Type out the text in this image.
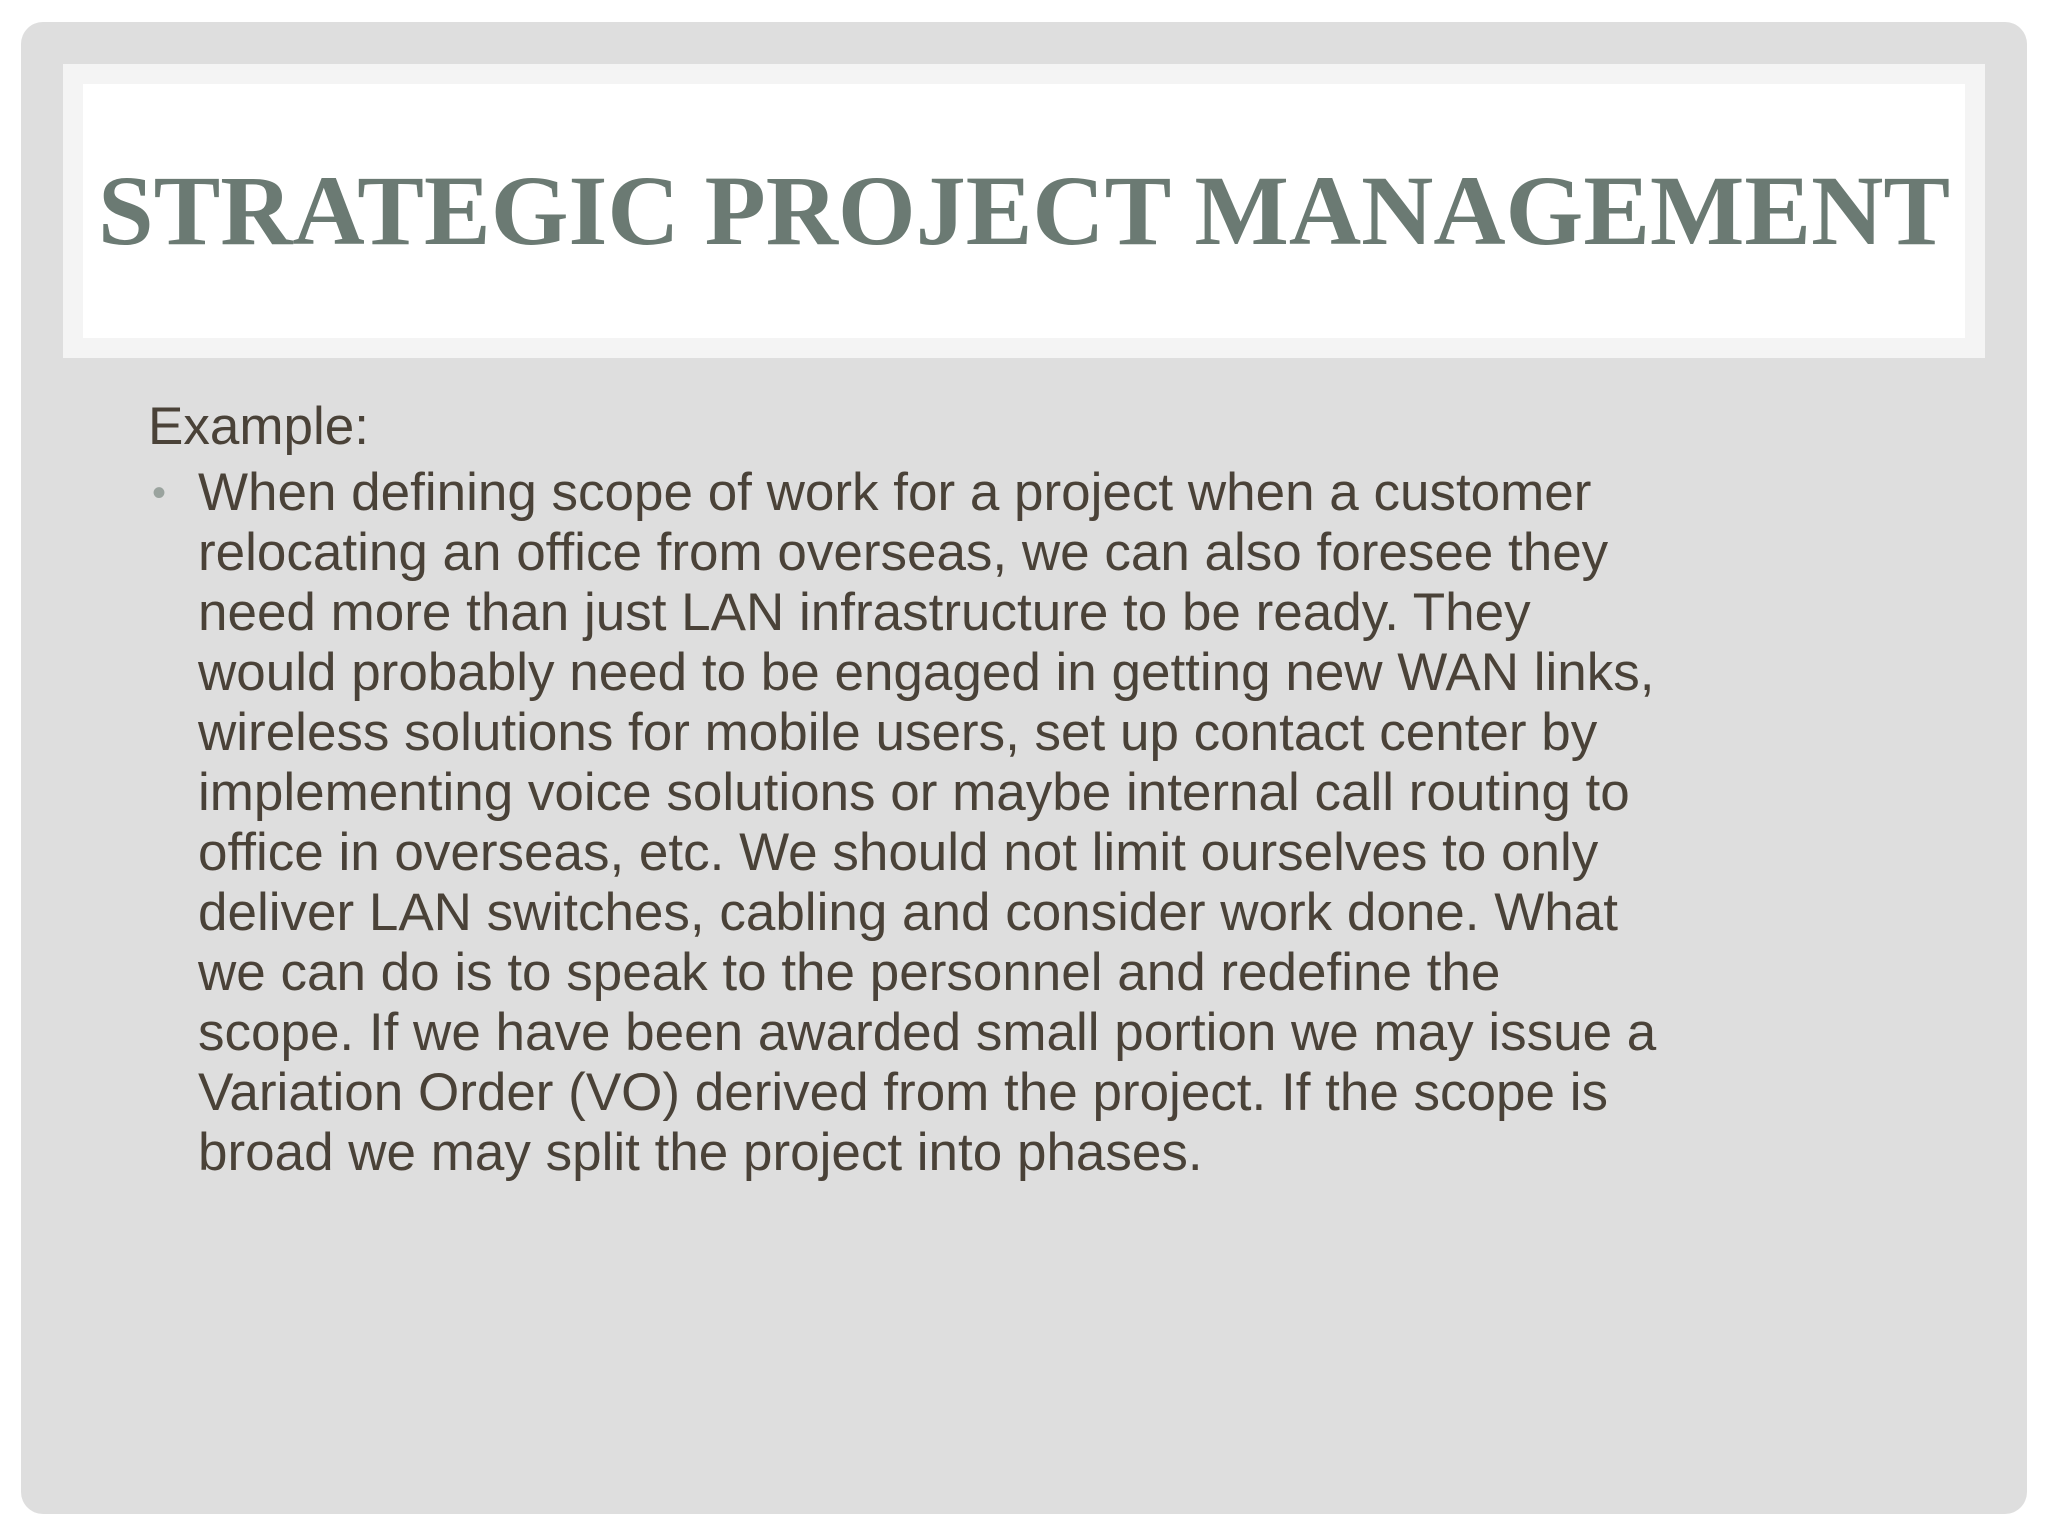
STRATEGIC PROJECT MANAGEMENT

Example:

• When defining scope of work for a project when a customer
relocating an office from overseas, we can also foresee they
need more than just LAN infrastructure to be ready. They
would probably need to be engaged in getting new WAN links,
wireless solutions for mobile users, set up contact center by
implementing voice solutions or maybe internal call routing to
office in overseas, etc. We should not limit ourselves to only
deliver LAN switches, cabling and consider work done. What
we can do is to speak to the personnel and redefine the
scope. If we have been awarded small portion we may issue a
Variation Order (VO) derived from the project. If the scope is
broad we may split the project into phases.
